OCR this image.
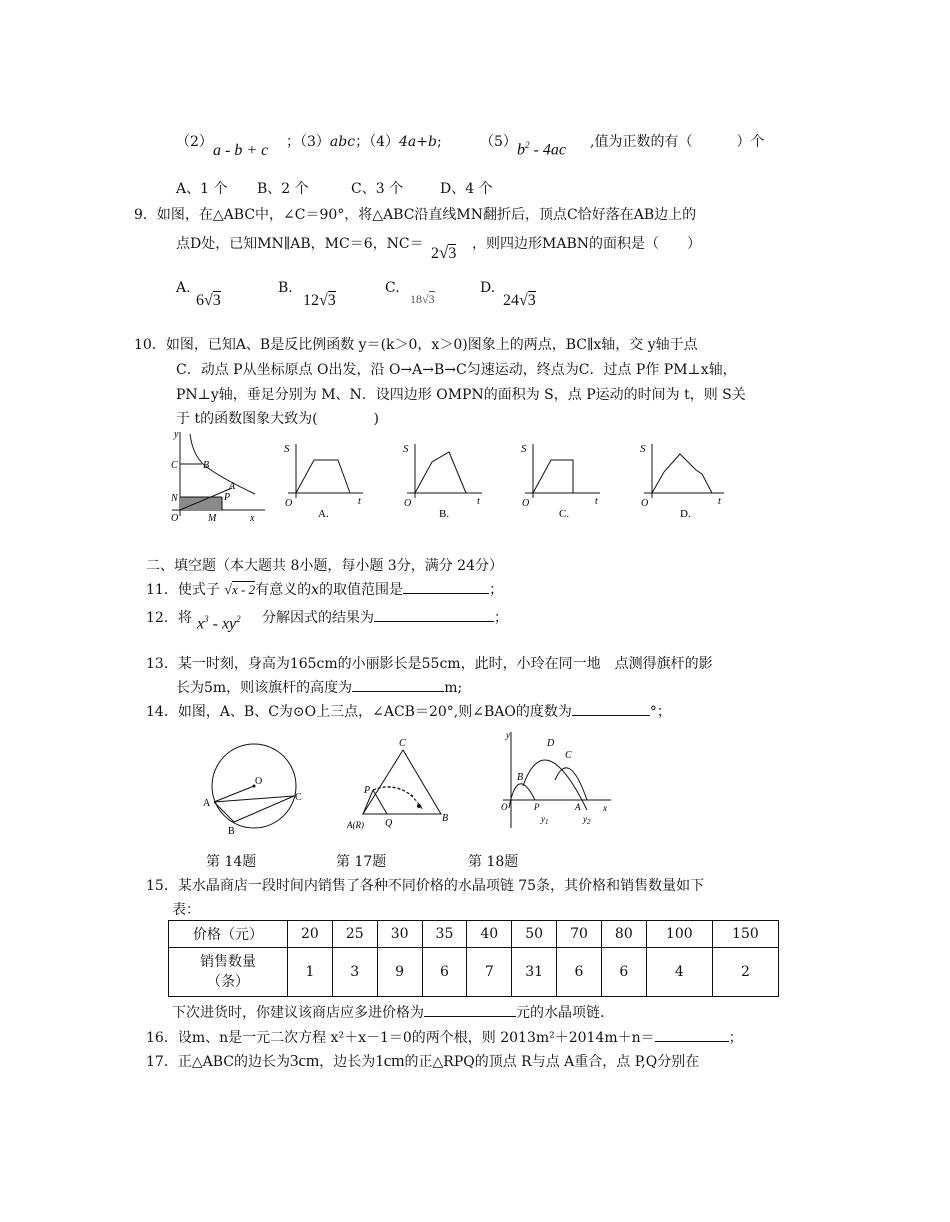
（2） a - b + c ；（3）abc；（4）4a+b;	（5） $b^2 - 4ac$ ,值为正数的有（	）个
A、1 个 B、2 个	C、3 个	D、4 个
9．如图，在△ABC中，∠C＝90°，将△ABC沿直线MN翻折后，顶点C恰好落在AB边上的
点D处，已知MN∥AB，MC＝6，NC＝
2√3
，则四边形MABN的面积是（　　）
A.
6√3
B.
12√3
C.
18√3
D.
24√3
10．如图，已知A、B是反比例函数 y＝(k＞0，x＞0)图象上的两点，BC∥x轴，交 y轴于点
C．动点 P从坐标原点 O出发，沿 O→A→B→C匀速运动，终点为C．过点 P作 PM⊥x轴，
PN⊥y轴，垂足分别为 M、N．设四边形 OMPN的面积为 S，点 P运动的时间为 t，则 S关
于 t的函数图象大致为(　　　　)
y
x
C	B
A
N	P
O	M
S
t
O
A.
S
t
O
B.
S
t
O
C.
S
t
O
D.
二、填空题（本大题共 8小题，每小题 3分，满分 24分）
11．使式子 √x - 2有意义的x的取值范围是	；
12．将 $x^3 - xy^2$ 分解因式的结果为	；
13．某一时刻，身高为165cm的小丽影长是55cm，此时，小玲在同一地　点测得旗杆的影
长为5m，则该旗杆的高度为	m;
14．如图，A、B、C为⊙O上三点，∠ACB＝20°,则∠BAO的度数为	°；
O
A
B
C
C
P
A(R) Q	B
y
x
D
B
C
O	P	A
$y_1$	$y_2$
第 14题	第 17题	第 18题
15．某水晶商店一段时间内销售了各种不同价格的水晶项链 75条，其价格和销售数量如下
表：
价格（元）	20	25	30	35	40	50	70	80	100	150
销售数量
（条）	1	3	9	6	7	31	6	6	4	2
下次进货时，你建议该商店应多进价格为	元的水晶项链．
16．设m、n是一元二次方程 x²＋x－1＝0的两个根，则 2013m²＋2014m＋n＝	；
17．正△ABC的边长为3cm，边长为1cm的正△RPQ的顶点 R与点 A重合，点 P,Q分别在
